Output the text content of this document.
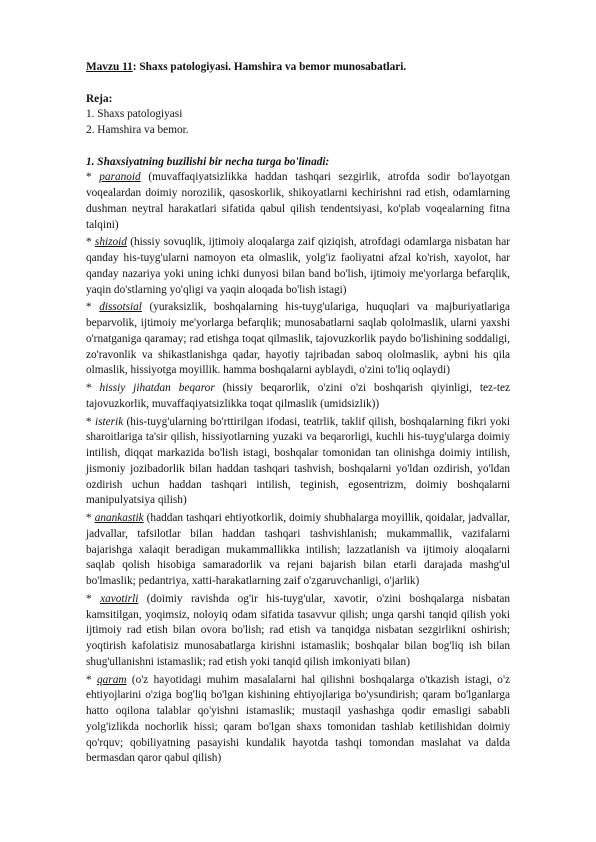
Mavzu 11: Shaxs patologiyasi. Hamshira va bemor munosabatlari.

Reja:

1. Shaxs patologiyasi

2. Hamshira va bemor.

1. Shaxsiyatning buzilishi bir necha turga bo'linadi:

* paranoid (muvaffaqiyatsizlikka haddan tashqari sezgirlik, atrofda sodir bo'layotgan voqealardan doimiy norozilik, qasoskorlik, shikoyatlarni kechirishni rad etish, odamlarning dushman neytral harakatlari sifatida qabul qilish tendentsiyasi, ko'plab voqealarning fitna talqini)

* shizoid (hissiy sovuqlik, ijtimoiy aloqalarga zaif qiziqish, atrofdagi odamlarga nisbatan har qanday his-tuyg'ularni namoyon eta olmaslik, yolg'iz faoliyatni afzal ko'rish, xayolot, har qanday nazariya yoki uning ichki dunyosi bilan band bo'lish, ijtimoiy me'yorlarga befarqlik, yaqin do'stlarning yo'qligi va yaqin aloqada bo'lish istagi)

* dissotsial (yuraksizlik, boshqalarning his-tuyg'ulariga, huquqlari va majburiyatlariga beparvolik, ijtimoiy me'yorlarga befarqlik; munosabatlarni saqlab qololmaslik, ularni yaxshi o'rnatganiga qaramay; rad etishga toqat qilmaslik, tajovuzkorlik paydo bo'lishining soddaligi, zo'ravonlik va shikastlanishga qadar, hayotiy tajribadan saboq ololmaslik, aybni his qila olmaslik, hissiyotga moyillik. hamma boshqalarni ayblaydi, o'zini to'liq oqlaydi)

* hissiy jihatdan beqaror (hissiy beqarorlik, o'zini o'zi boshqarish qiyinligi, tez-tez tajovuzkorlik, muvaffaqiyatsizlikka toqat qilmaslik (umidsizlik))

* isterik (his-tuyg'ularning bo'rttirilgan ifodasi, teatrlik, taklif qilish, boshqalarning fikri yoki sharoitlariga ta'sir qilish, hissiyotlarning yuzaki va beqarorligi, kuchli his-tuyg'ularga doimiy intilish, diqqat markazida bo'lish istagi, boshqalar tomonidan tan olinishga doimiy intilish, jismoniy jozibadorlik bilan haddan tashqari tashvish, boshqalarni yo'ldan ozdirish, yo'ldan ozdirish uchun haddan tashqari intilish, teginish, egosentrizm, doimiy boshqalarni manipulyatsiya qilish)

* anankastik (haddan tashqari ehtiyotkorlik, doimiy shubhalarga moyillik, qoidalar, jadvallar, jadvallar, tafsilotlar bilan haddan tashqari tashvishlanish; mukammallik, vazifalarni bajarishga xalaqit beradigan mukammallikka intilish; lazzatlanish va ijtimoiy aloqalarni saqlab qolish hisobiga samaradorlik va rejani bajarish bilan etarli darajada mashg'ul bo'lmaslik; pedantriya, xatti-harakatlarning zaif o'zgaruvchanligi, o'jarlik)

* xavotirli (doimiy ravishda og'ir his-tuyg'ular, xavotir, o'zini boshqalarga nisbatan kamsitilgan, yoqimsiz, noloyiq odam sifatida tasavvur qilish; unga qarshi tanqid qilish yoki ijtimoiy rad etish bilan ovora bo'lish; rad etish va tanqidga nisbatan sezgirlikni oshirish; yoqtirish kafolatisiz munosabatlarga kirishni istamaslik; boshqalar bilan bog'liq ish bilan shug'ullanishni istamaslik; rad etish yoki tanqid qilish imkoniyati bilan)

* qaram (o'z hayotidagi muhim masalalarni hal qilishni boshqalarga o'tkazish istagi, o'z ehtiyojlarini o'ziga bog'liq bo'lgan kishining ehtiyojlariga bo'ysundirish; qaram bo'lganlarga hatto oqilona talablar qo'yishni istamaslik; mustaqil yashashga qodir emasligi sababli yolg'izlikda nochorlik hissi; qaram bo'lgan shaxs tomonidan tashlab ketilishidan doimiy qo'rquv; qobiliyatning pasayishi kundalik hayotda tashqi tomondan maslahat va dalda bermasdan qaror qabul qilish)
